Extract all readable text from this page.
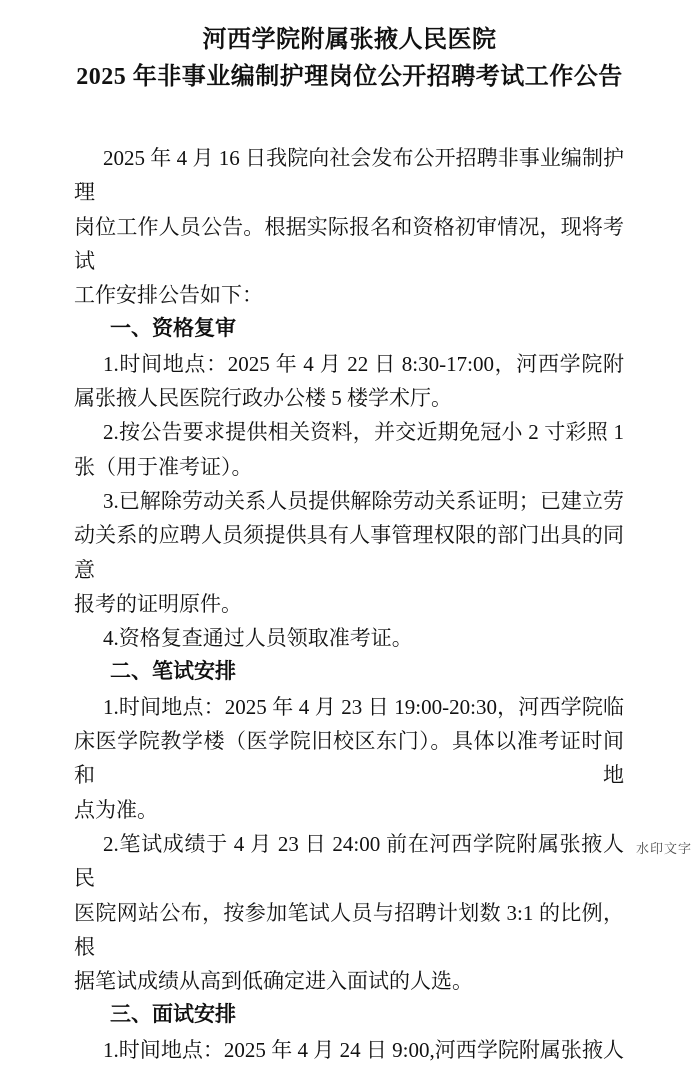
河西学院附属张掖人民医院
2025 年非事业编制护理岗位公开招聘考试工作公告
2025 年 4 月 16 日我院向社会发布公开招聘非事业编制护理
岗位工作人员公告。根据实际报名和资格初审情况，现将考试
工作安排公告如下：
一、资格复审
1.时间地点：2025 年 4 月 22 日 8:30-17:00，河西学院附
属张掖人民医院行政办公楼 5 楼学术厅。
2.按公告要求提供相关资料，并交近期免冠小 2 寸彩照 1
张（用于准考证）。
3.已解除劳动关系人员提供解除劳动关系证明；已建立劳
动关系的应聘人员须提供具有人事管理权限的部门出具的同意
报考的证明原件。
4.资格复查通过人员领取准考证。
二、笔试安排
1.时间地点：2025 年 4 月 23 日 19:00-20:30，河西学院临
床医学院教学楼（医学院旧校区东门）。具体以准考证时间和地
点为准。
2.笔试成绩于 4 月 23 日 24:00 前在河西学院附属张掖人民
医院网站公布，按参加笔试人员与招聘计划数 3:1 的比例，根
据笔试成绩从高到低确定进入面试的人选。
三、面试安排
1.时间地点：2025 年 4 月 24 日 9:00,河西学院附属张掖人
水印文字
